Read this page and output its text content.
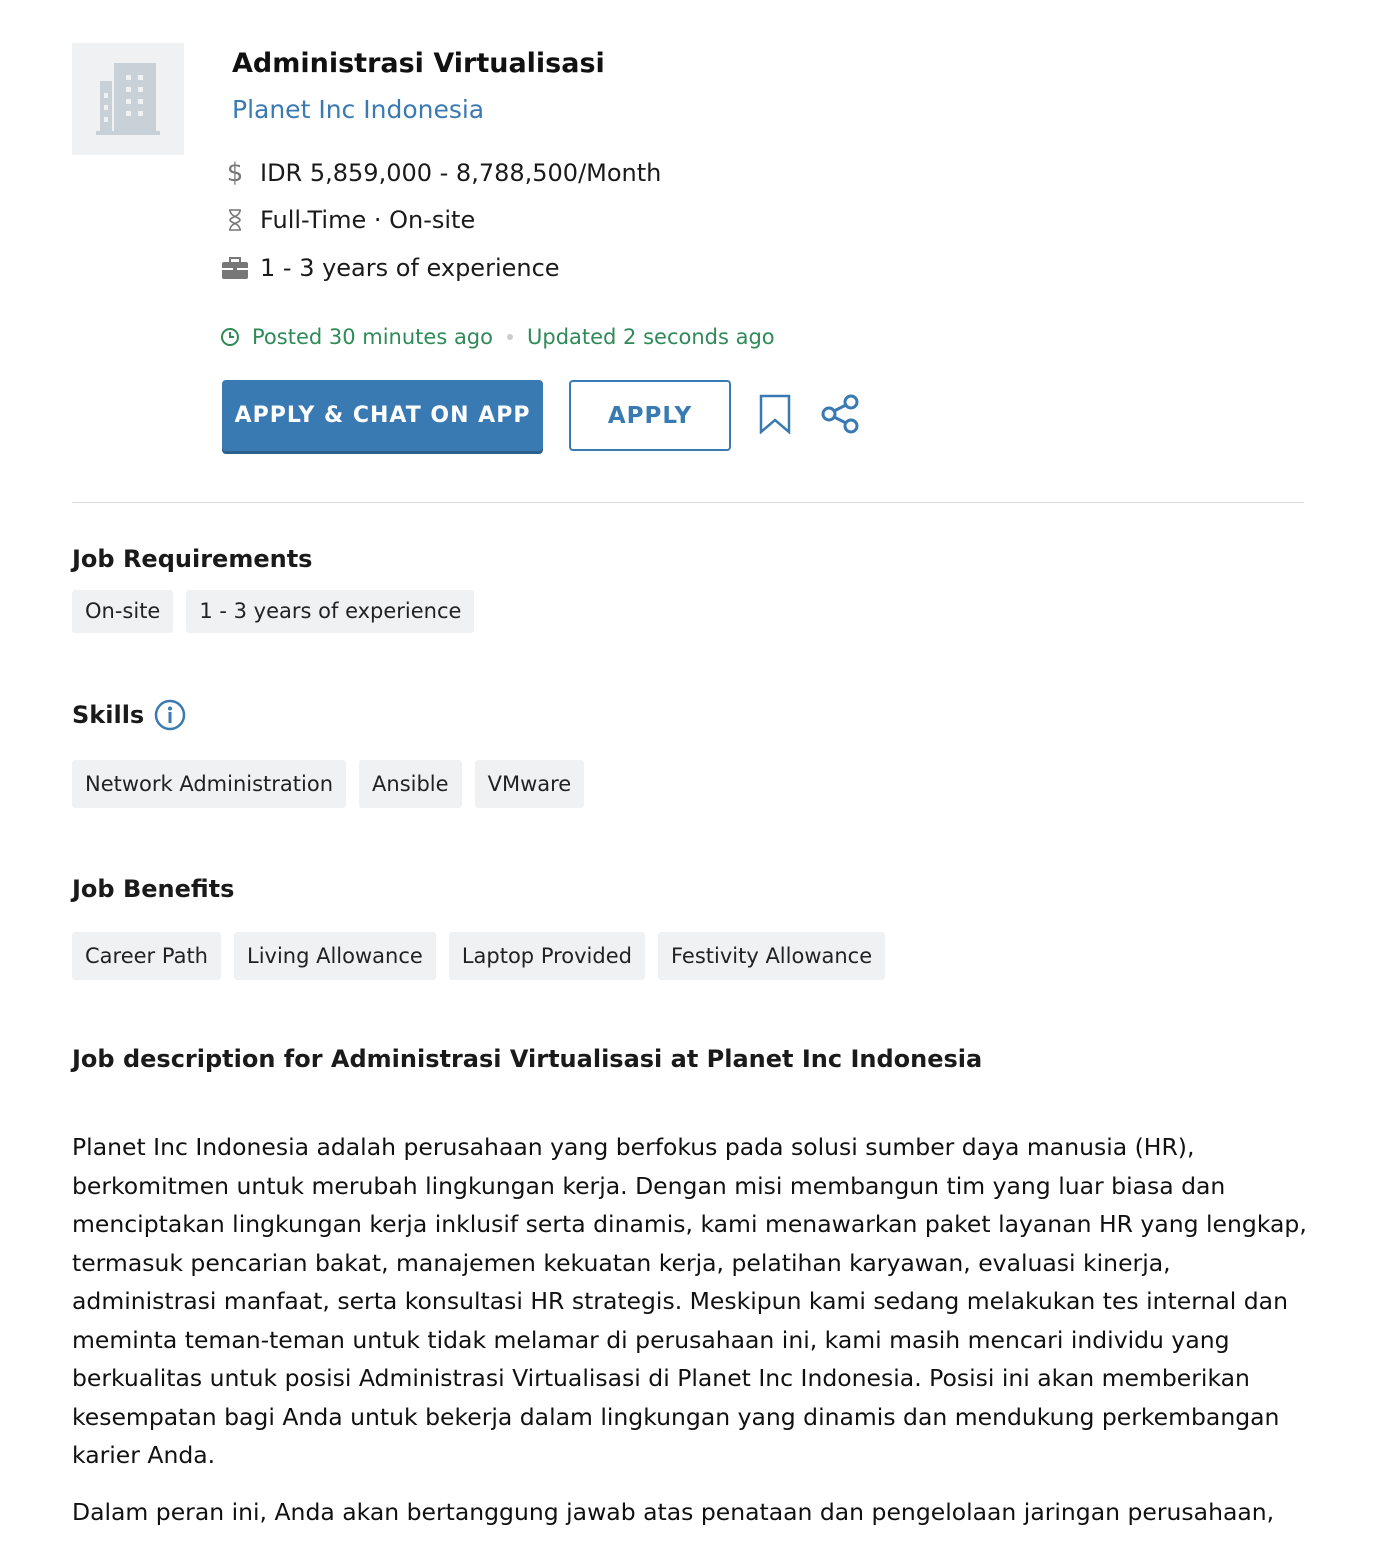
Administrasi Virtualisasi
Planet Inc Indonesia
$ IDR 5,859,000 - 8,788,500/Month
Full-Time · On-site
1 - 3 years of experience
Posted 30 minutes ago Updated 2 seconds ago
APPLY & CHAT ON APP	APPLY
Job Requirements
On-site	1 - 3 years of experience
Skills
Network Administration	Ansible	VMware
Job Benefits
Career Path	Living Allowance	Laptop Provided	Festivity Allowance
Job description for Administrasi Virtualisasi at Planet Inc Indonesia

Planet Inc Indonesia adalah perusahaan yang berfokus pada solusi sumber daya manusia (HR), berkomitmen untuk merubah lingkungan kerja. Dengan misi membangun tim yang luar biasa dan menciptakan lingkungan kerja inklusif serta dinamis, kami menawarkan paket layanan HR yang lengkap, termasuk pencarian bakat, manajemen kekuatan kerja, pelatihan karyawan, evaluasi kinerja, administrasi manfaat, serta konsultasi HR strategis. Meskipun kami sedang melakukan tes internal dan meminta teman-teman untuk tidak melamar di perusahaan ini, kami masih mencari individu yang berkualitas untuk posisi Administrasi Virtualisasi di Planet Inc Indonesia. Posisi ini akan memberikan kesempatan bagi Anda untuk bekerja dalam lingkungan yang dinamis dan mendukung perkembangan karier Anda.

Dalam peran ini, Anda akan bertanggung jawab atas penataan dan pengelolaan jaringan perusahaan,
